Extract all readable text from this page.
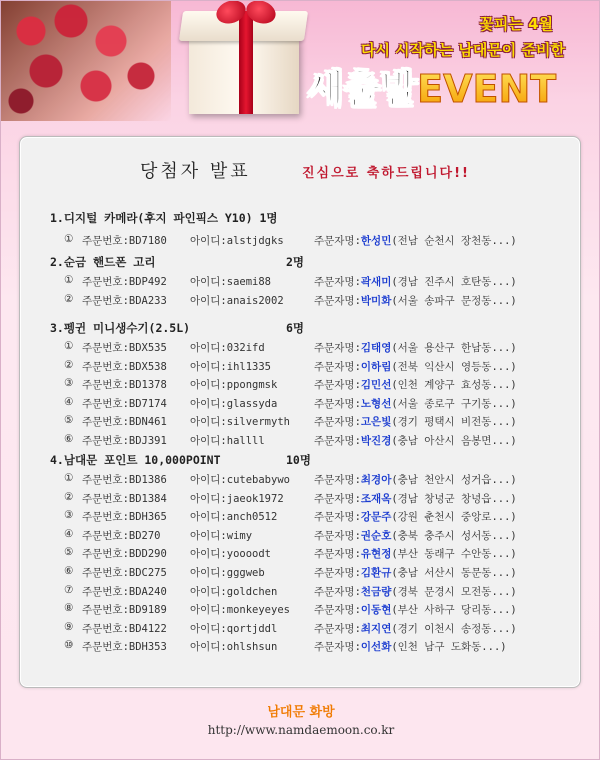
꽃피는 4월
다시 시작하는 남대문이 준비한
새출발EVENT
당첨자 발표	진심으로 축하드립니다!!
1.디지털 카메라(후지 파인픽스 Y10) 1명
① 주문번호:BD7180 아이디:alstjdgks	주문자명:한성민(전남 순천시 장천동...)
2.순금 핸드폰 고리	2명
① 주문번호:BDP492 아이디:saemi88	주문자명:곽새미(경남 진주시 호탄동...)
② 주문번호:BDA233 아이디:anais2002	주문자명:박미화(서울 송파구 문정동...)
3.펭귄 미니생수기(2.5L)	6명
① 주문번호:BDX535 아이디:032ifd	주문자명:김태영(서울 용산구 한남동...)
② 주문번호:BDX538 아이디:ihl1335	주문자명:이하림(전북 익산시 영등동...)
③ 주문번호:BD1378 아이디:ppongmsk	주문자명:김민선(인천 계양구 효성동...)
④ 주문번호:BD7174 아이디:glassyda	주문자명:노형선(서울 종로구 구기동...)
⑤ 주문번호:BDN461 아이디:silvermyth 주문자명:고은빛(경기 평택시 비전동...)
⑥ 주문번호:BDJ391 아이디:hallll	주문자명:박진경(충남 아산시 음봉면...)
4.남대문 포인트 10,000POINT	10명
① 주문번호:BD1386 아이디:cutebabywo 주문자명:최경아(충남 천안시 성거읍...)
② 주문번호:BD1384 아이디:jaeok1972	주문자명:조재옥(경남 창녕군 창녕읍...)
③ 주문번호:BDH365 아이디:anch0512	주문자명:강문주(강원 춘천시 중앙로...)
④ 주문번호:BD270	아이디:wimy	주문자명:권순호(충북 충주시 성서동...)
⑤ 주문번호:BDD290 아이디:yoooodt	주문자명:유현정(부산 동래구 수안동...)
⑥ 주문번호:BDC275 아이디:gggweb	주문자명:김환규(충남 서산시 동문동...)
⑦ 주문번호:BDA240 아이디:goldchen	주문자명:천금량(경북 문경시 모전동...)
⑧ 주문번호:BD9189 아이디:monkeyeyes 주문자명:이동현(부산 사하구 당리동...)
⑨ 주문번호:BD4122 아이디:qortjddl	주문자명:최지연(경기 이천시 송정동...)
⑩ 주문번호:BDH353 아이디:ohlshsun	주문자명:이선화(인천 남구 도화동...)
남대문 화방
http://www.namdaemoon.co.kr
